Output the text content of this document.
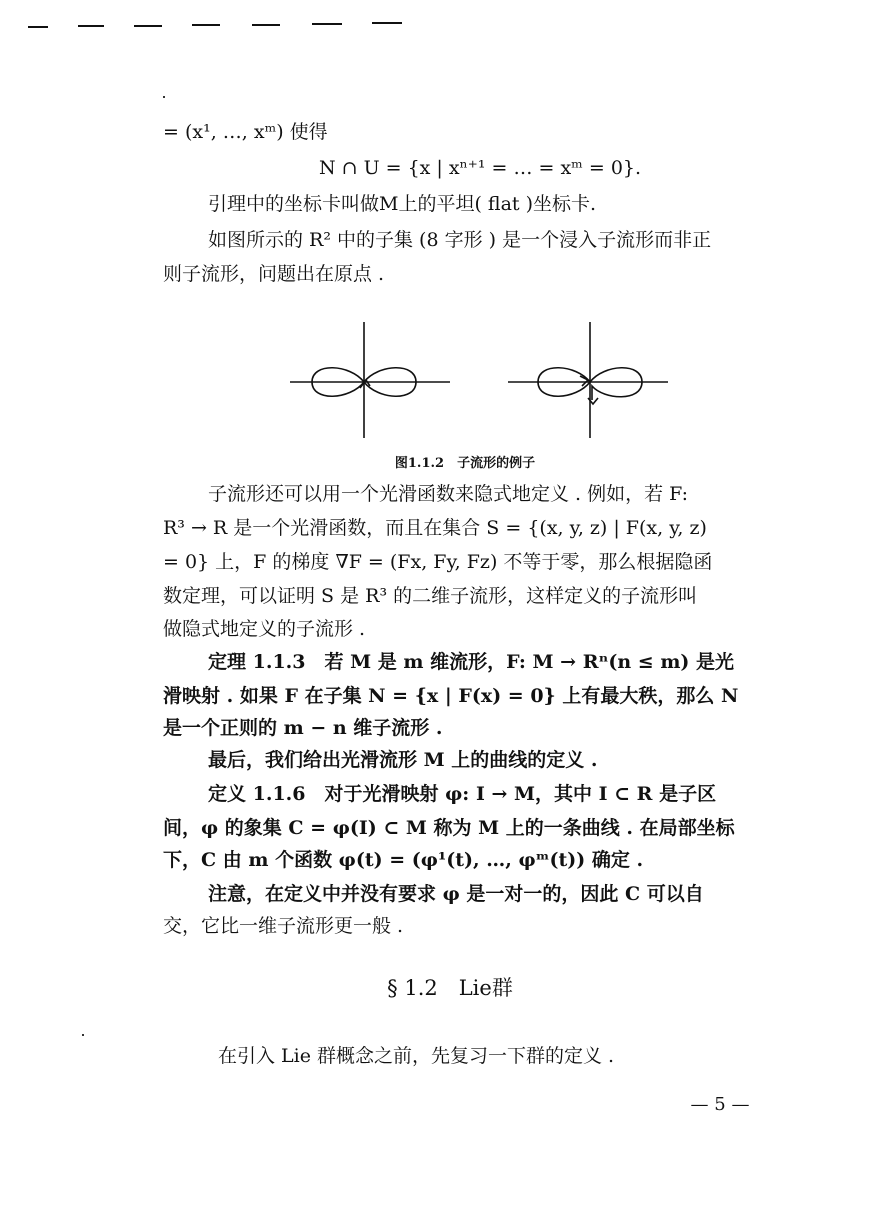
= (x¹, …, xᵐ) 使得
N ∩ U = {x | xⁿ⁺¹ = … = xᵐ = 0}.
引理中的坐标卡叫做M上的平坦( flat )坐标卡.
如图所示的 R² 中的子集 (8 字形 ) 是一个浸入子流形而非正
则子流形，问题出在原点 .
图1.1.2　子流形的例子
子流形还可以用一个光滑函数来隐式地定义 . 例如，若 F:
R³ → R 是一个光滑函数，而且在集合 S = {(x, y, z) | F(x, y, z)
= 0} 上，F 的梯度 ∇F = (Fx, Fy, Fz) 不等于零，那么根据隐函
数定理，可以证明 S 是 R³ 的二维子流形，这样定义的子流形叫
做隐式地定义的子流形 .
定理 1.1.3　若 M 是 m 维流形，F: M → Rⁿ(n ≤ m) 是光
滑映射 . 如果 F 在子集 N = {x | F(x) = 0} 上有最大秩，那么 N
是一个正则的 m − n 维子流形 .
最后，我们给出光滑流形 M 上的曲线的定义 .
定义 1.1.6　对于光滑映射 φ: I → M，其中 I ⊂ R 是子区
间，φ 的象集 C = φ(I) ⊂ M 称为 M 上的一条曲线 . 在局部坐标
下，C 由 m 个函数 φ(t) = (φ¹(t), …, φᵐ(t)) 确定 .
注意，在定义中并没有要求 φ 是一对一的，因此 C 可以自
交，它比一维子流形更一般 .
§ 1.2　Lie群
在引入 Lie 群概念之前，先复习一下群的定义 .
— 5 —
